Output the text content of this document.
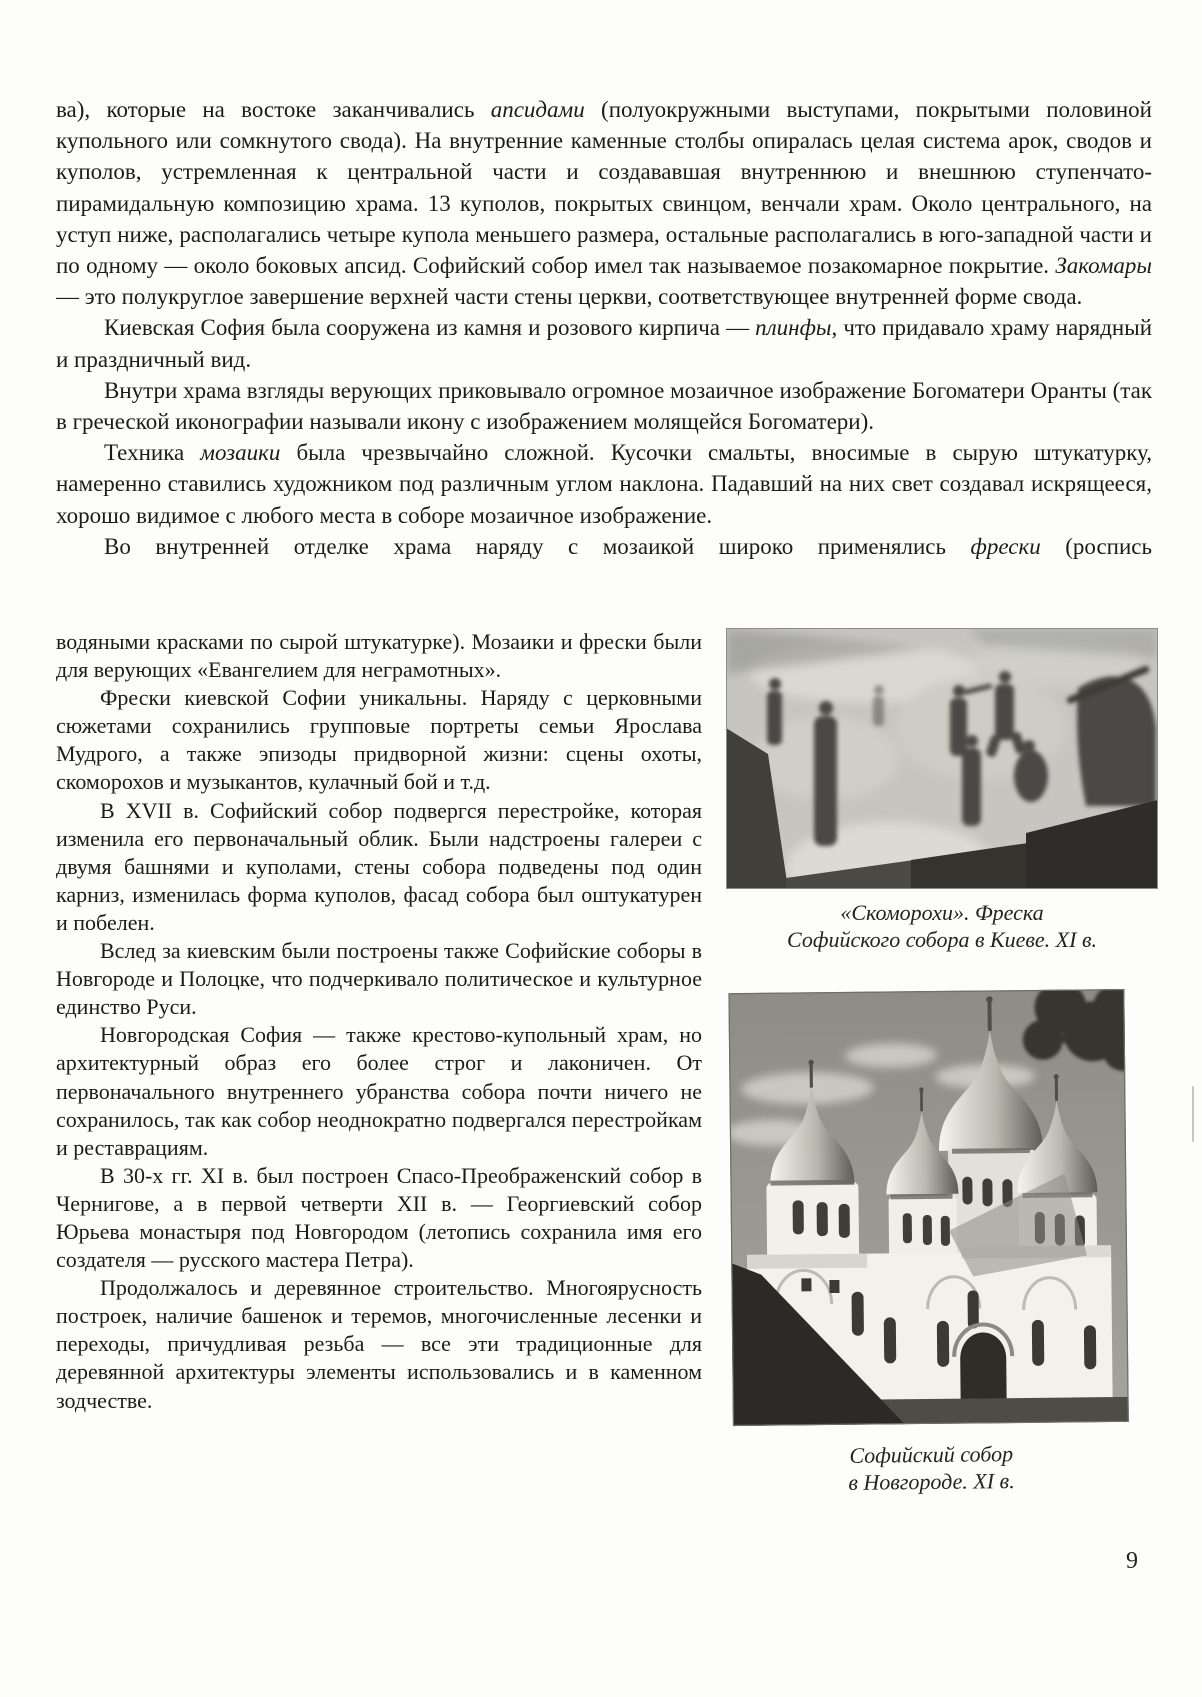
ва), которые на востоке заканчивались апсидами (полуокружными выступами, покрытыми половиной купольного или сомкнутого свода). На внутренние каменные столбы опиралась целая система арок, сводов и куполов, устремленная к центральной части и создававшая внутреннюю и внешнюю ступенчато-пирамидальную композицию храма. 13 куполов, покрытых свинцом, венчали храм. Около центрального, на уступ ниже, располагались четыре купола меньшего размера, остальные располагались в юго-западной части и по одному — около боковых апсид. Софийский собор имел так называемое позакомарное покрытие. Закомары — это полукруглое завершение верхней части стены церкви, соответствующее внутренней форме свода.

Киевская София была сооружена из камня и розового кирпича — плинфы, что придавало храму нарядный и праздничный вид.

Внутри храма взгляды верующих приковывало огромное мозаичное изображение Богоматери Оранты (так в греческой иконографии называли икону с изображением молящейся Богоматери).

Техника мозаики была чрезвычайно сложной. Кусочки смальты, вносимые в сырую штукатурку, намеренно ставились художником под различным углом наклона. Падавший на них свет создавал искрящееся, хорошо видимое с любого места в соборе мозаичное изображение.

Во внутренней отделке храма наряду с мозаикой широко применялись фрески (роспись

водяными красками по сырой штукатурке). Мозаики и фрески были для верующих «Евангелием для неграмотных».

Фрески киевской Софии уникальны. Наряду с церковными сюжетами сохранились групповые портреты семьи Ярослава Мудрого, а также эпизоды придворной жизни: сцены охоты, скоморохов и музыкантов, кулачный бой и т.д.

В XVII в. Софийский собор подвергся перестройке, которая изменила его первоначальный облик. Были надстроены галереи с двумя башнями и куполами, стены собора подведены под один карниз, изменилась форма куполов, фасад собора был оштукатурен и побелен.

Вслед за киевским были построены также Софийские соборы в Новгороде и Полоцке, что подчеркивало политическое и культурное единство Руси.

Новгородская София — также крестово-купольный храм, но архитектурный образ его более строг и лаконичен. От первоначального внутреннего убранства собора почти ничего не сохранилось, так как собор неоднократно подвергался перестройкам и реставрациям.

В 30-х гг. XI в. был построен Спасо-Преображенский собор в Чернигове, а в первой четверти XII в. — Георгиевский собор Юрьева монастыря под Новгородом (летопись сохранила имя его создателя — русского мастера Петра).

Продолжалось и деревянное строительство. Многоярусность построек, наличие башенок и теремов, многочисленные лесенки и переходы, причудливая резьба — все эти традиционные для деревянной архитектуры элементы использовались и в каменном зодчестве.

«Скоморохи». Фреска
Софийского собора в Киеве. XI в.
Софийский собор
в Новгороде. XI в.
9
